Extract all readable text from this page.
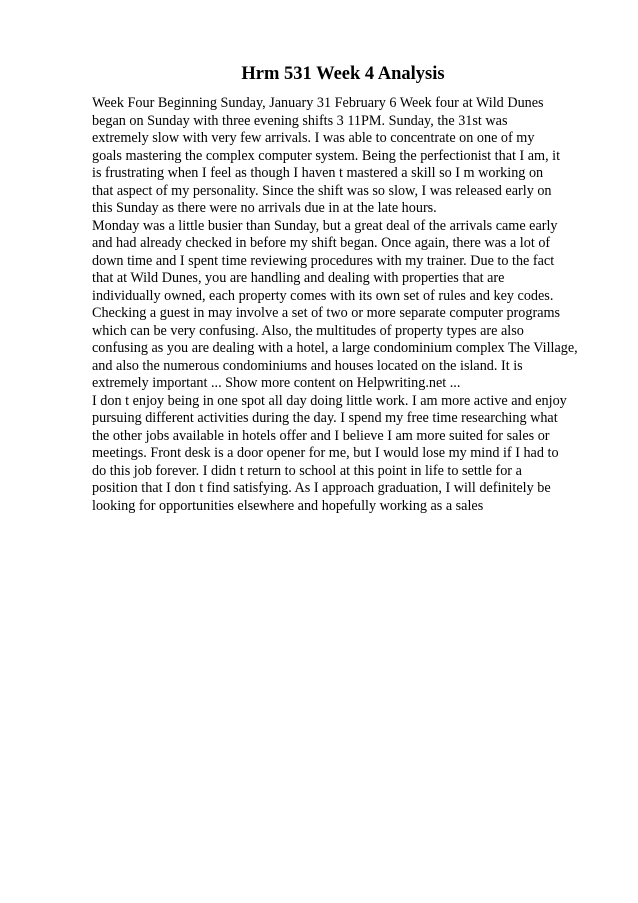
Hrm 531 Week 4 Analysis
Week Four Beginning Sunday, January 31 February 6 Week four at Wild Dunes
began on Sunday with three evening shifts 3 11PM. Sunday, the 31st was
extremely slow with very few arrivals. I was able to concentrate on one of my
goals mastering the complex computer system. Being the perfectionist that I am, it
is frustrating when I feel as though I haven t mastered a skill so I m working on
that aspect of my personality. Since the shift was so slow, I was released early on
this Sunday as there were no arrivals due in at the late hours.
Monday was a little busier than Sunday, but a great deal of the arrivals came early
and had already checked in before my shift began. Once again, there was a lot of
down time and I spent time reviewing procedures with my trainer. Due to the fact
that at Wild Dunes, you are handling and dealing with properties that are
individually owned, each property comes with its own set of rules and key codes.
Checking a guest in may involve a set of two or more separate computer programs
which can be very confusing. Also, the multitudes of property types are also
confusing as you are dealing with a hotel, a large condominium complex The Village,
and also the numerous condominiums and houses located on the island. It is
extremely important ... Show more content on Helpwriting.net ...
I don t enjoy being in one spot all day doing little work. I am more active and enjoy
pursuing different activities during the day. I spend my free time researching what
the other jobs available in hotels offer and I believe I am more suited for sales or
meetings. Front desk is a door opener for me, but I would lose my mind if I had to
do this job forever. I didn t return to school at this point in life to settle for a
position that I don t find satisfying. As I approach graduation, I will definitely be
looking for opportunities elsewhere and hopefully working as a sales
